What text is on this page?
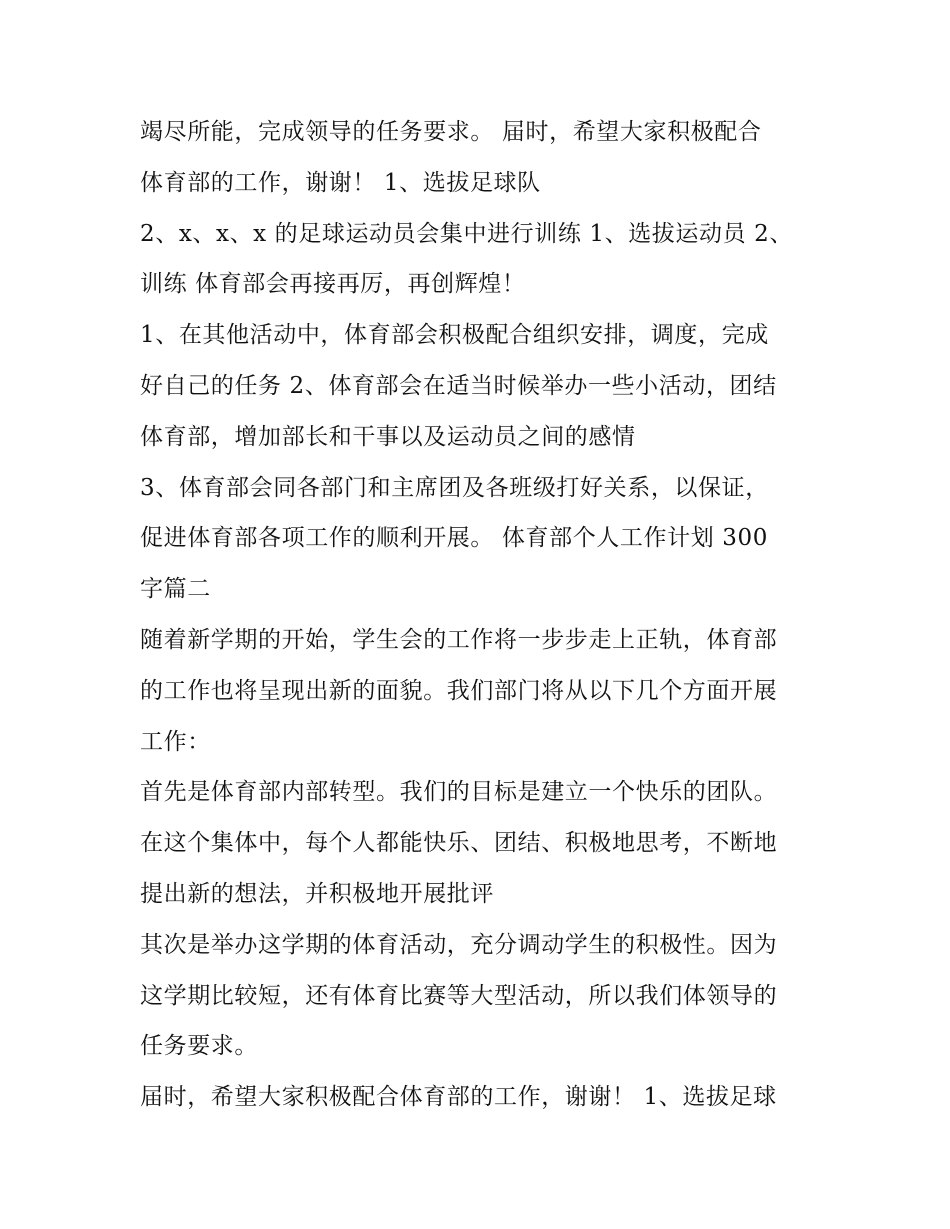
竭尽所能，完成领导的任务要求。 届时，希望大家积极配合
体育部的工作，谢谢！ 1、选拔足球队
2、x、x、x 的足球运动员会集中进行训练 1、选拔运动员 2、
训练 体育部会再接再厉，再创辉煌！
1、在其他活动中，体育部会积极配合组织安排，调度，完成
好自己的任务 2、体育部会在适当时候举办一些小活动，团结
体育部，增加部长和干事以及运动员之间的感情
3、体育部会同各部门和主席团及各班级打好关系，以保证，
促进体育部各项工作的顺利开展。 体育部个人工作计划 300
字篇二
随着新学期的开始，学生会的工作将一步步走上正轨，体育部
的工作也将呈现出新的面貌。我们部门将从以下几个方面开展
工作：
首先是体育部内部转型。我们的目标是建立一个快乐的团队。
在这个集体中，每个人都能快乐、团结、积极地思考，不断地
提出新的想法，并积极地开展批评
其次是举办这学期的体育活动，充分调动学生的积极性。因为
这学期比较短，还有体育比赛等大型活动，所以我们体领导的
任务要求。
届时，希望大家积极配合体育部的工作，谢谢！ 1、选拔足球
